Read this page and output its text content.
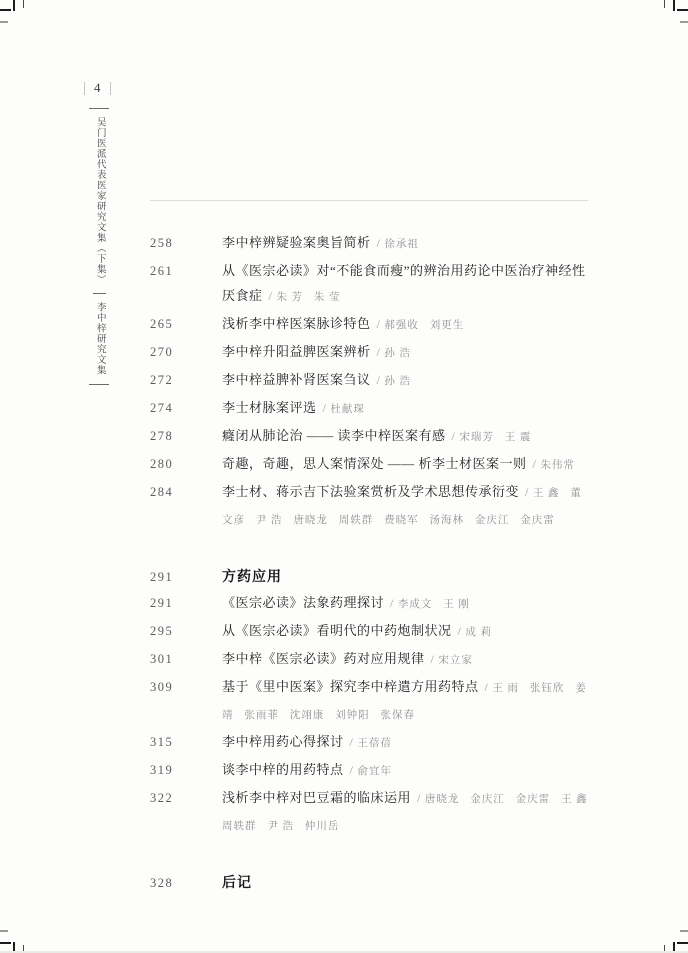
4
吴门医派代表医家研究文集（下集）
李中梓研究文集
258	李中梓辨疑验案奥旨简析 / 徐承祖
261	从《医宗必读》对“不能食而瘦”的辨治用药论中医治疗神经性厌食症 / 朱 芳   朱 莹
265	浅析李中梓医案脉诊特色 / 郝强收   刘更生
270	李中梓升阳益脾医案辨析 / 孙 浩
272	李中梓益脾补肾医案刍议 / 孙 浩
274	李士材脉案评选 / 杜献琛
278	癃闭从肺论治 —— 读李中梓医案有感 / 宋瑞芳   王 震
280	奇趣，奇趣，思人案情深处 —— 析李士材医案一则 / 朱伟常
284	李士材、蒋示吉下法验案赏析及学术思想传承衍变 / 王 鑫   董文彦   尹 浩   唐晓龙   周轶群   费晓军   汤海林   金庆江   金庆雷
291	方药应用
291	《医宗必读》法象药理探讨 / 李成文   王 刚
295	从《医宗必读》看明代的中药炮制状况 / 成 莉
301	李中梓《医宗必读》药对应用规律 / 宋立家
309	基于《里中医案》探究李中梓遣方用药特点 / 王 雨   张钰欣   姜 靖   张雨菲   沈翊康   刘钟阳   张保春
315	李中梓用药心得探讨 / 王蓓蓓
319	谈李中梓的用药特点 / 俞宜年
322	浅析李中梓对巴豆霜的临床运用 / 唐晓龙   金庆江   金庆雷   王 鑫   周轶群   尹 浩   仲川岳
328	后记
